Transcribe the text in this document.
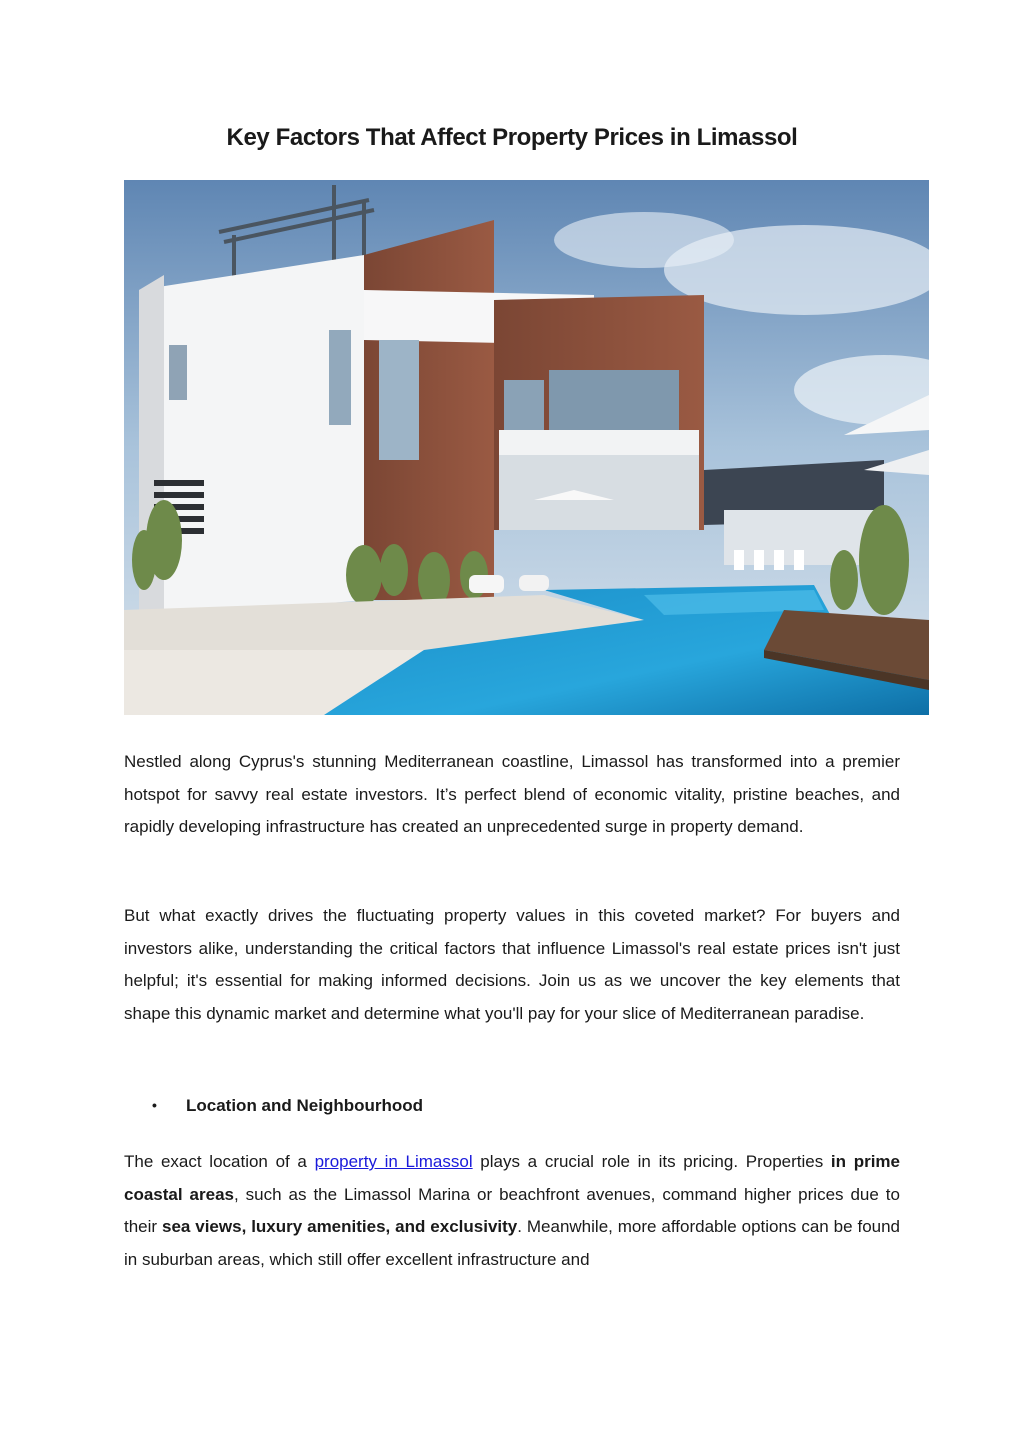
Key Factors That Affect Property Prices in Limassol

Nestled along Cyprus's stunning Mediterranean coastline, Limassol has transformed into a premier hotspot for savvy real estate investors. It’s perfect blend of economic vitality, pristine beaches, and rapidly developing infrastructure has created an unprecedented surge in property demand.

But what exactly drives the fluctuating property values in this coveted market? For buyers and investors alike, understanding the critical factors that influence Limassol's real estate prices isn't just helpful; it's essential for making informed decisions. Join us as we uncover the key elements that shape this dynamic market and determine what you'll pay for your slice of Mediterranean paradise.

• Location and Neighbourhood

The exact location of a property in Limassol plays a crucial role in its pricing. Properties in prime coastal areas, such as the Limassol Marina or beachfront avenues, command higher prices due to their sea views, luxury amenities, and exclusivity. Meanwhile, more affordable options can be found in suburban areas, which still offer excellent infrastructure and
